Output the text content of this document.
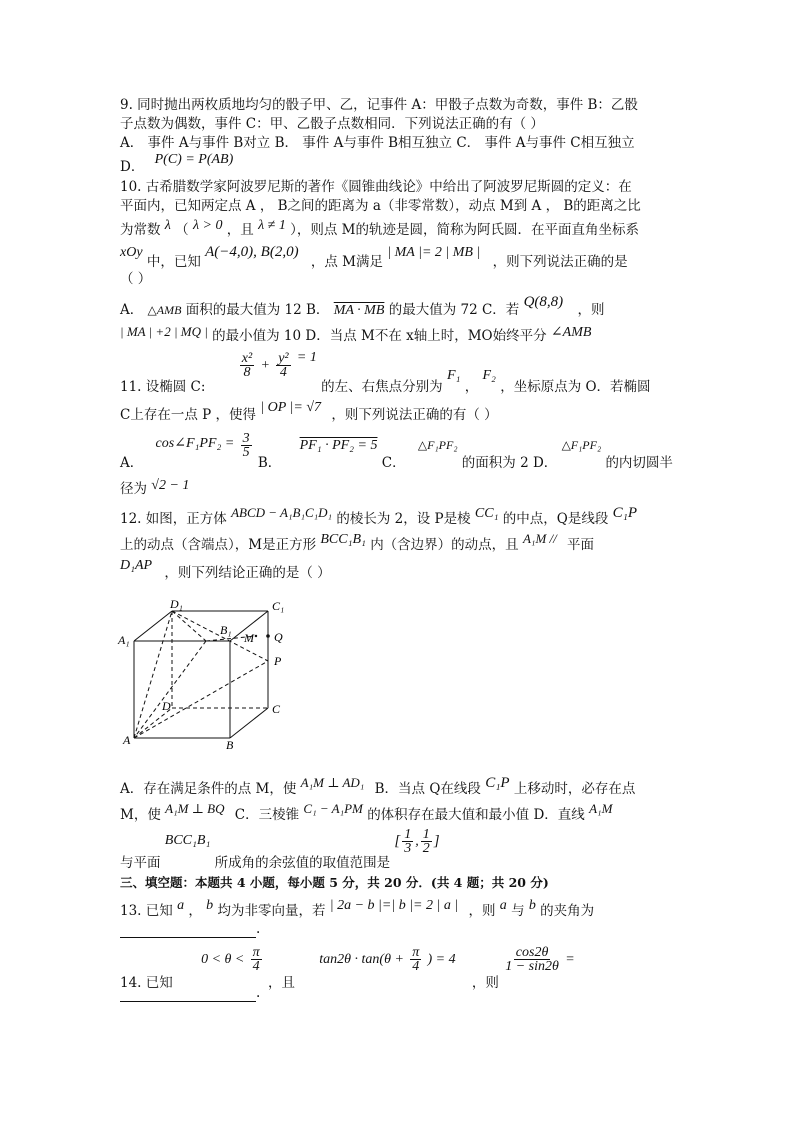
9. 同时抛出两枚质地均匀的骰子甲、乙，记事件 A：甲骰子点数为奇数，事件 B：乙骰
子点数为偶数，事件 C：甲、乙骰子点数相同．下列说法正确的有（ ）
A． 事件 A与事件 B对立 B． 事件 A与事件 B相互独立 C． 事件 A与事件 C相互独立
D． P(C) = P(AB)
10. 古希腊数学家阿波罗尼斯的著作《圆锥曲线论》中给出了阿波罗尼斯圆的定义：在
平面内，已知两定点 A ， B之间的距离为 a（非零常数），动点 M到 A ， B的距离之比
为常数 λ （ λ > 0 ，且 λ ≠ 1 ），则点 M的轨迹是圆，简称为阿氏圆．在平面直角坐标系
xOy 中，已知 A(−4,0), B(2,0) ，点 M满足 | MA |= 2 | MB | ，则下列说法正确的是
（ ）
A． △AMB 面积的最大值为 12 B． MA · MB 的最大值为 72 C．若 Q(8,8) ，则
| MA | +2 | MQ | 的最小值为 10 D．当点 M不在 x轴上时，MO始终平分 ∠AMB
11. 设椭圆 C:
$\frac{\text{x²}}{8} + \frac{\text{y²}}{4} = 1$ 的左、右焦点分别为 F₁ ， F₂ ，坐标原点为 O．若椭圆
C上存在一点 P ，使得 | OP |= √7 ，则下列说法正确的有（ ）
A． cos∠F₁PF₂ = $\frac{3}{5}$
B． PF₁ · PF₂ = 5 C． △F₁PF₂ 的面积为 2 D． △F₁PF₂ 的内切圆半
径为 √2 − 1
12. 如图，正方体 ABCD − A₁B₁C₁D₁ 的棱长为 2，设 P是棱 CC₁ 的中点，Q是线段 C₁P
上的动点（含端点），M是正方形 BCC₁B₁ 内（含边界）的动点，且 A₁M // 平面
D₁AP ，则下列结论正确的是（ ）
D₁	C₁
A₁
B₁
M Q
P
D	C
A	B
A．存在满足条件的点 M，使 A₁M ⊥ AD₁ B．当点 Q在线段 C₁P 上移动时，必存在点
M，使 A₁M ⊥ BQ C．三棱锥 C₁ − A₁PM 的体积存在最大值和最小值 D．直线 A₁M
与平面 BCC₁B₁ 所成角的余弦值的取值范围是 [ $\frac{1}{3}$ , $\frac{1}{2}$ ]
三、填空题：本题共 4 小题，每小题 5 分，共 20 分．(共 4 题；共 20 分)
13. 已知 a ， b 均为非零向量，若 | 2a − b |=| b |= 2 | a | ，则 a 与 b 的夹角为
.
14. 已知 $0 < \theta < \frac{\pi}{4}$
，且 $\tan 2\theta \cdot \tan(\theta + \frac{\pi}{4}$ ) = 4 ，则
$\frac{\cos 2\theta}{1 - \sin 2\theta}$ =
.
